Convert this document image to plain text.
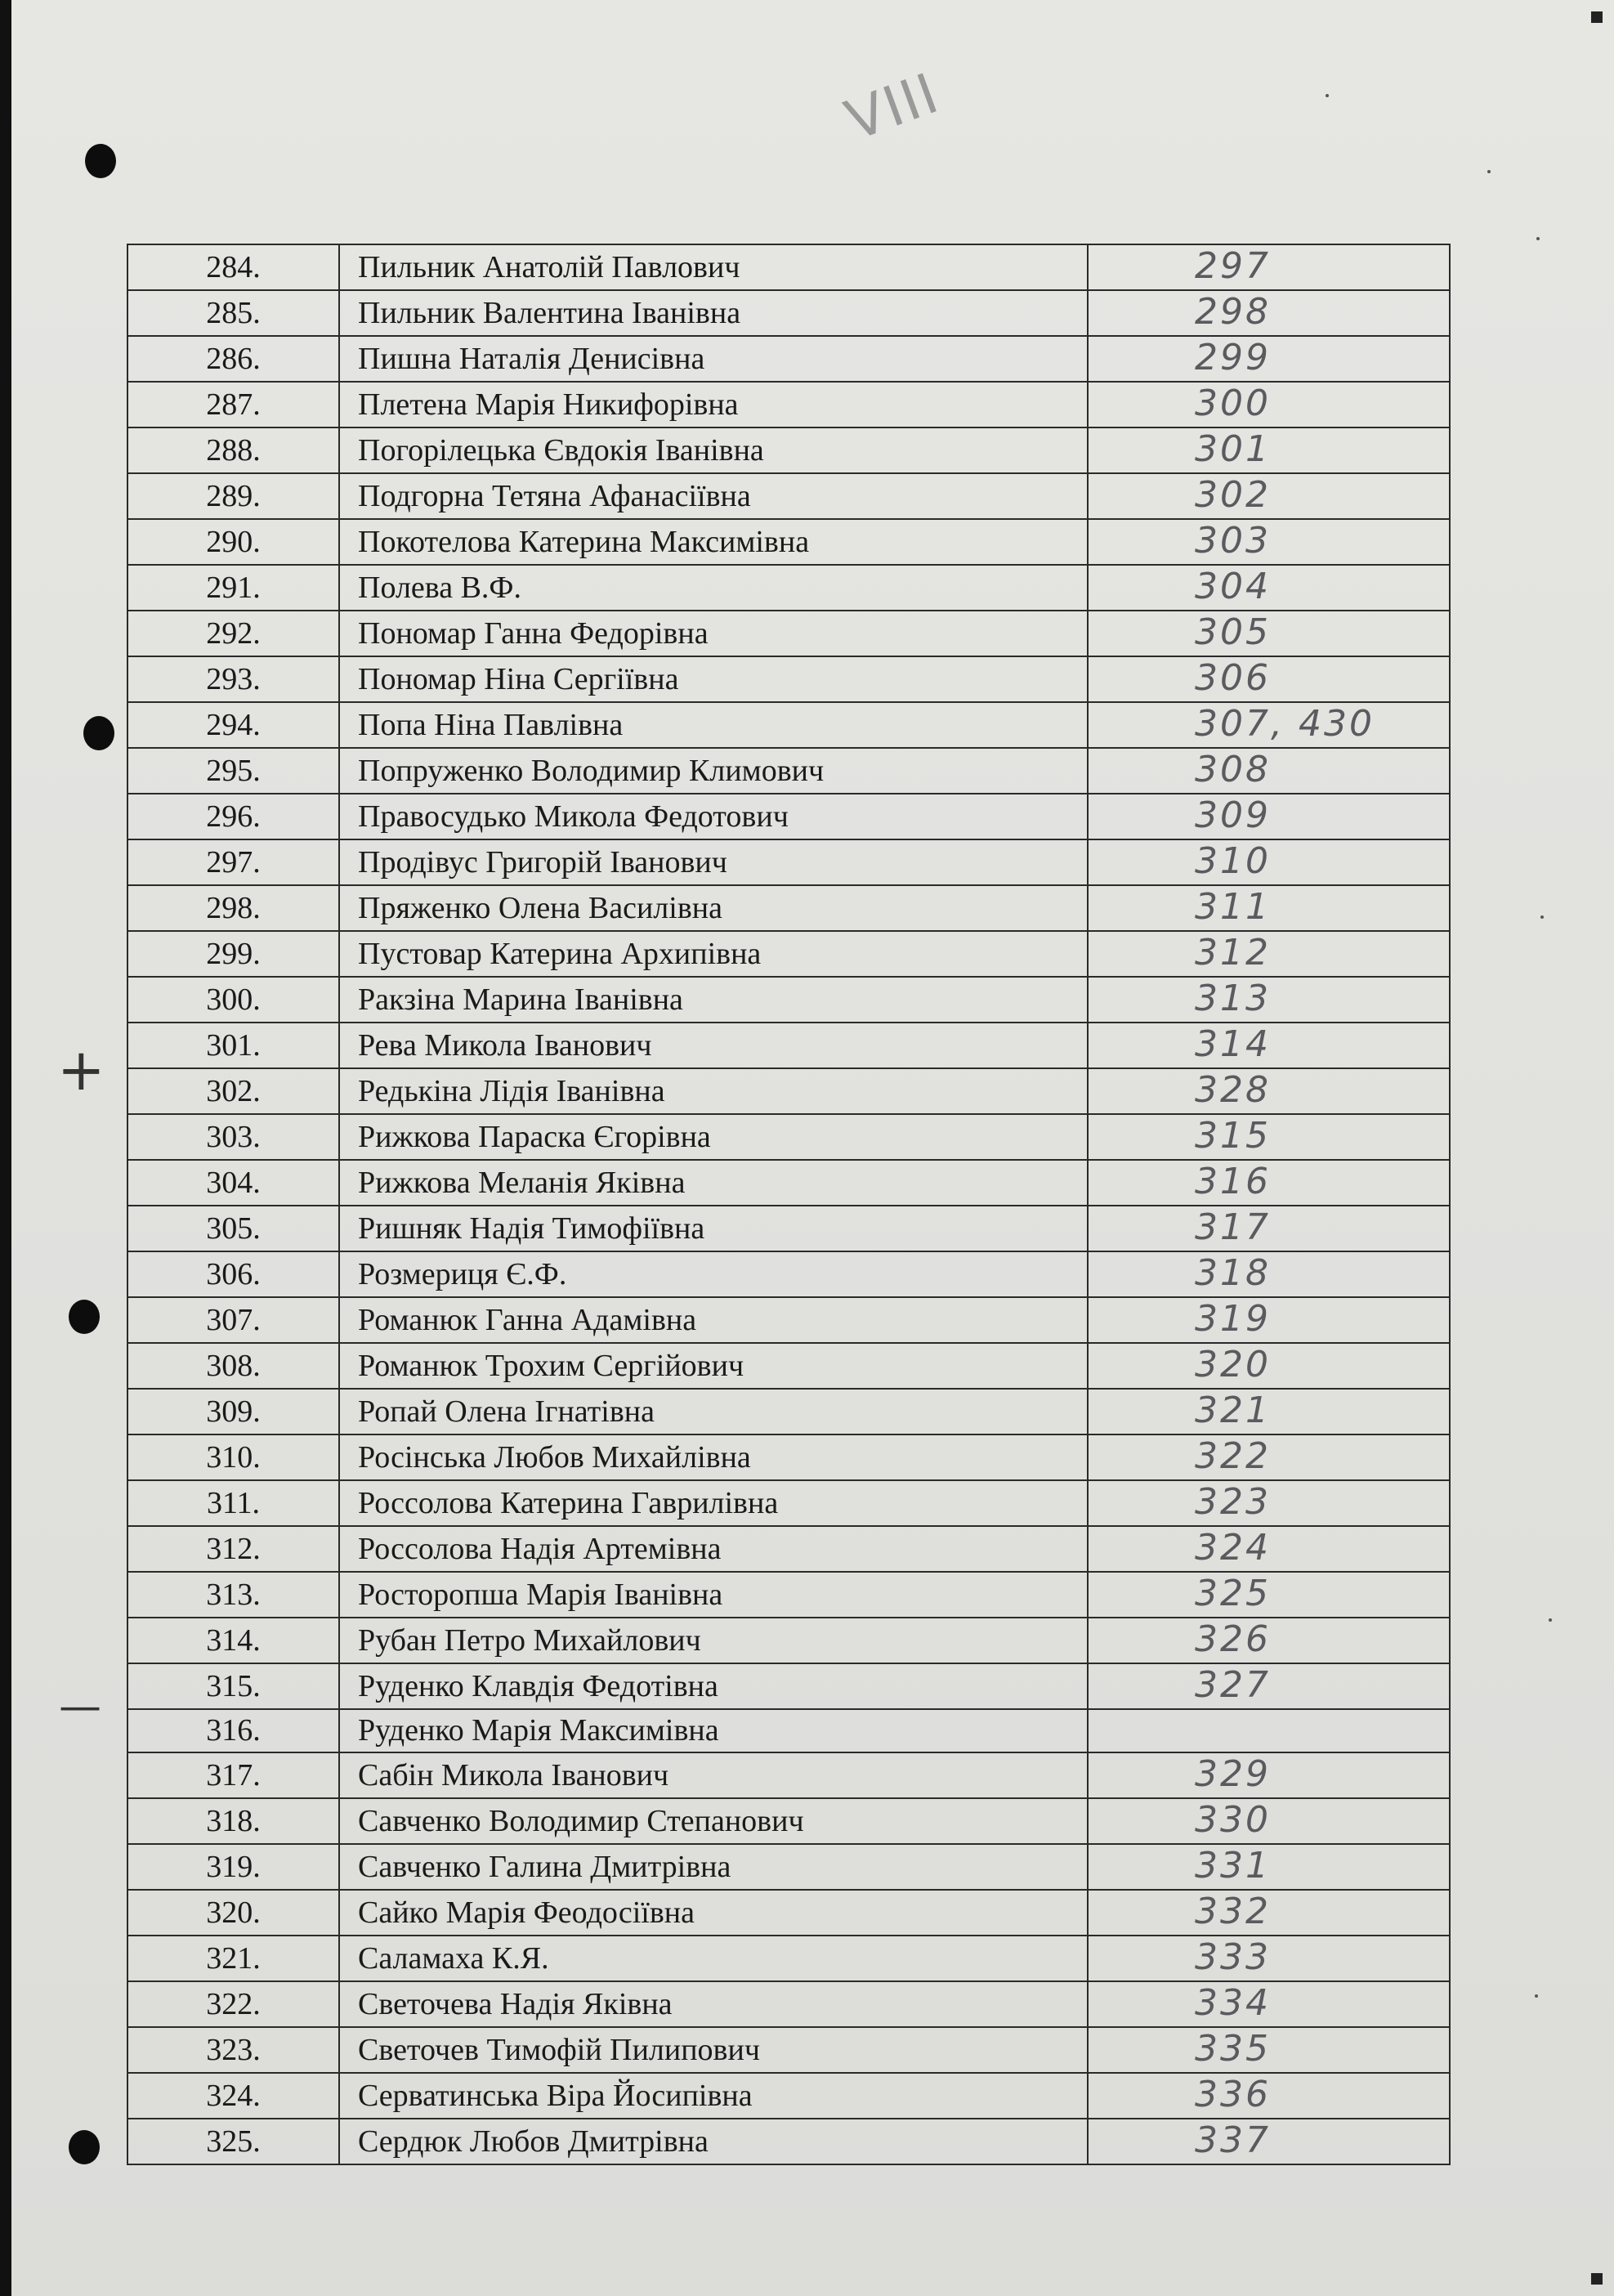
VIII
+
—
284.	Пильник Анатолій Павлович	297
285.	Пильник Валентина Іванівна	298
286.	Пишна Наталія Денисівна	299
287.	Плетена Марія Никифорівна	300
288.	Погорілецька Євдокія Іванівна	301
289.	Подгорна Тетяна Афанасіївна	302
290.	Покотелова Катерина Максимівна	303
291.	Полева В.Ф.	304
292.	Пономар Ганна Федорівна	305
293.	Пономар Ніна Сергіївна	306
294.	Попа Ніна Павлівна	307, 430
295.	Попруженко Володимир Климович	308
296.	Правосудько Микола Федотович	309
297.	Продівус Григорій Іванович	310
298.	Пряженко Олена Василівна	311
299.	Пустовар Катерина Архипівна	312
300.	Ракзіна Марина Іванівна	313
301.	Рева Микола Іванович	314
302.	Редькіна Лідія Іванівна	328
303.	Рижкова Параска Єгорівна	315
304.	Рижкова Меланія Яківна	316
305.	Ришняк Надія Тимофіївна	317
306.	Розмериця Є.Ф.	318
307.	Романюк Ганна Адамівна	319
308.	Романюк Трохим Сергійович	320
309.	Ропай Олена Ігнатівна	321
310.	Росінська Любов Михайлівна	322
311.	Россолова Катерина Гаврилівна	323
312.	Россолова Надія Артемівна	324
313.	Росторопша Марія Іванівна	325
314.	Рубан Петро Михайлович	326
315.	Руденко Клавдія Федотівна	327
316.	Руденко Марія Максимівна	
317.	Сабін Микола Іванович	329
318.	Савченко Володимир Степанович	330
319.	Савченко Галина Дмитрівна	331
320.	Сайко Марія Феодосіївна	332
321.	Саламаха К.Я.	333
322.	Светочева Надія Яківна	334
323.	Светочев Тимофій Пилипович	335
324.	Серватинська Віра Йосипівна	336
325.	Сердюк Любов Дмитрівна	337
